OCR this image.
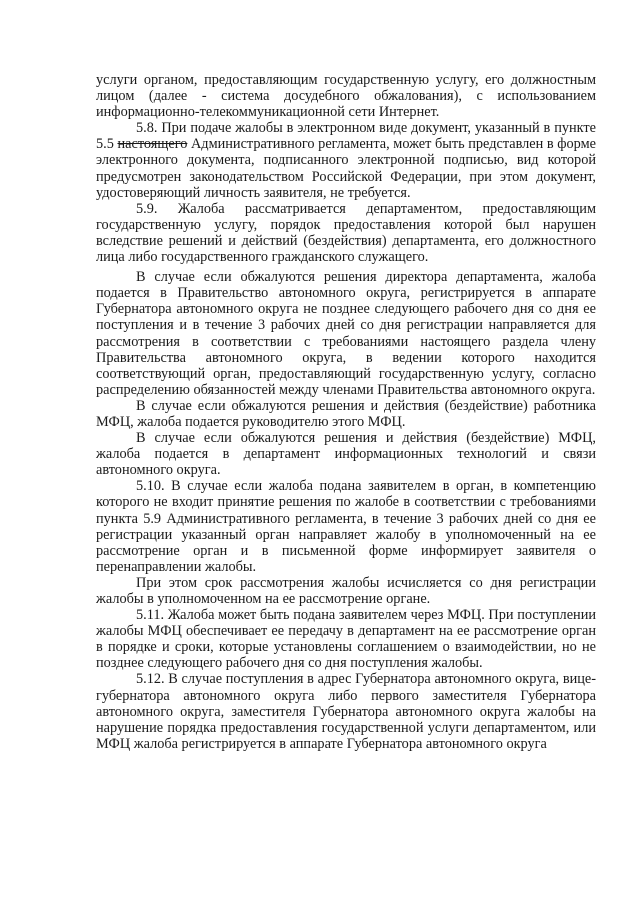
услуги органом, предоставляющим государственную услугу, его должностным лицом (далее - система досудебного обжалования), с использованием информационно-телекоммуникационной сети Интернет.

5.8. При подаче жалобы в электронном виде документ, указанный в пункте 5.5 настоящего Административного регламента, может быть представлен в форме электронного документа, подписанного электронной подписью, вид которой предусмотрен законодательством Российской Федерации, при этом документ, удостоверяющий личность заявителя, не требуется.

5.9. Жалоба рассматривается департаментом, предоставляющим государственную услугу, порядок предоставления которой был нарушен вследствие решений и действий (бездействия) департамента, его должностного лица либо государственного гражданского служащего.

В случае если обжалуются решения директора департамента, жалоба подается в Правительство автономного округа, регистрируется в аппарате Губернатора автономного округа не позднее следующего рабочего дня со дня ее поступления и в течение 3 рабочих дней со дня регистрации направляется для рассмотрения в соответствии с требованиями настоящего раздела члену Правительства автономного округа, в ведении которого находится соответствующий орган, предоставляющий государственную услугу, согласно распределению обязанностей между членами Правительства автономного округа.

В случае если обжалуются решения и действия (бездействие) работника МФЦ, жалоба подается руководителю этого МФЦ.

В случае если обжалуются решения и действия (бездействие) МФЦ, жалоба подается в департамент информационных технологий и связи автономного округа.

5.10. В случае если жалоба подана заявителем в орган, в компетенцию которого не входит принятие решения по жалобе в соответствии с требованиями пункта 5.9 Административного регламента, в течение 3 рабочих дней со дня ее регистрации указанный орган направляет жалобу в уполномоченный на ее рассмотрение орган и в письменной форме информирует заявителя о перенаправлении жалобы.

При этом срок рассмотрения жалобы исчисляется со дня регистрации жалобы в уполномоченном на ее рассмотрение органе.

5.11. Жалоба может быть подана заявителем через МФЦ. При поступлении жалобы МФЦ обеспечивает ее передачу в департамент на ее рассмотрение орган в порядке и сроки, которые установлены соглашением о взаимодействии, но не позднее следующего рабочего дня со дня поступления жалобы.

5.12. В случае поступления в адрес Губернатора автономного округа, вице-губернатора автономного округа либо первого заместителя Губернатора автономного округа, заместителя Губернатора автономного округа жалобы на нарушение порядка предоставления государственной услуги департаментом, или МФЦ жалоба регистрируется в аппарате Губернатора автономного округа
